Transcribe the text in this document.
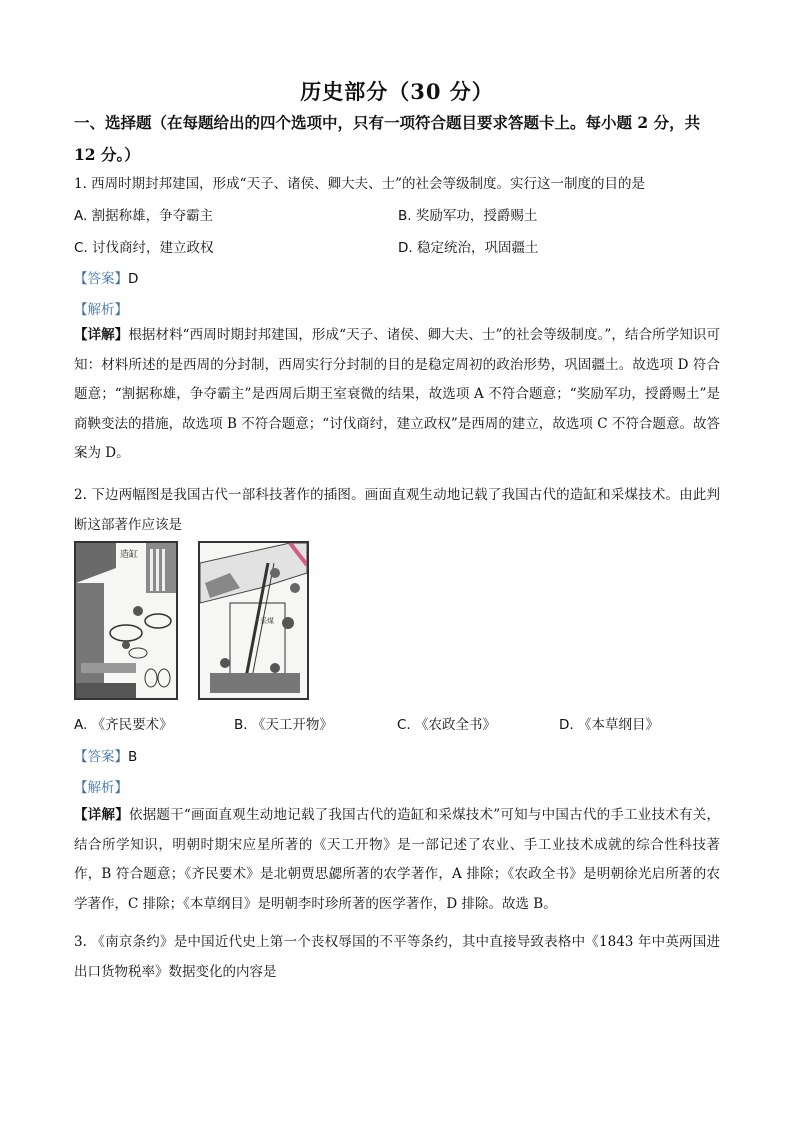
历史部分（30 分）
一、选择题（在每题给出的四个选项中，只有一项符合题目要求答题卡上。每小题 2 分，共
12 分。）
1. 西周时期封邦建国，形成“天子、诸侯、卿大夫、士”的社会等级制度。实行这一制度的目的是
A. 割据称雄，争夺霸主	B. 奖励军功，授爵赐土
C. 讨伐商纣，建立政权	D. 稳定统治，巩固疆土
【答案】D
【解析】
【详解】根据材料“西周时期封邦建国，形成“天子、诸侯、卿大夫、士”的社会等级制度。”，结合所学知识可知：材料所述的是西周的分封制，西周实行分封制的目的是稳定周初的政治形势，巩固疆土。故选项 D 符合题意；“割据称雄，争夺霸主”是西周后期王室衰微的结果，故选项 A 不符合题意；“奖励军功，授爵赐土”是商鞅变法的措施，故选项 B 不符合题意；“讨伐商纣，建立政权”是西周的建立，故选项 C 不符合题意。故答案为 D。
2. 下边两幅图是我国古代一部科技著作的插图。画面直观生动地记载了我国古代的造缸和采煤技术。由此判断这部著作应该是
造缸
采煤
A. 《齐民要术》	B. 《天工开物》	C. 《农政全书》	D. 《本草纲目》
【答案】B
【解析】
【详解】依据题干“画面直观生动地记载了我国古代的造缸和采煤技术”可知与中国古代的手工业技术有关，结合所学知识，明朝时期宋应星所著的《天工开物》是一部记述了农业、手工业技术成就的综合性科技著作，B 符合题意；《齐民要术》是北朝贾思勰所著的农学著作，A 排除；《农政全书》是明朝徐光启所著的农学著作，C 排除；《本草纲目》是明朝李时珍所著的医学著作，D 排除。故选 B。
3. 《南京条约》是中国近代史上第一个丧权辱国的不平等条约，其中直接导致表格中《1843 年中英两国进出口货物税率》数据变化的内容是
